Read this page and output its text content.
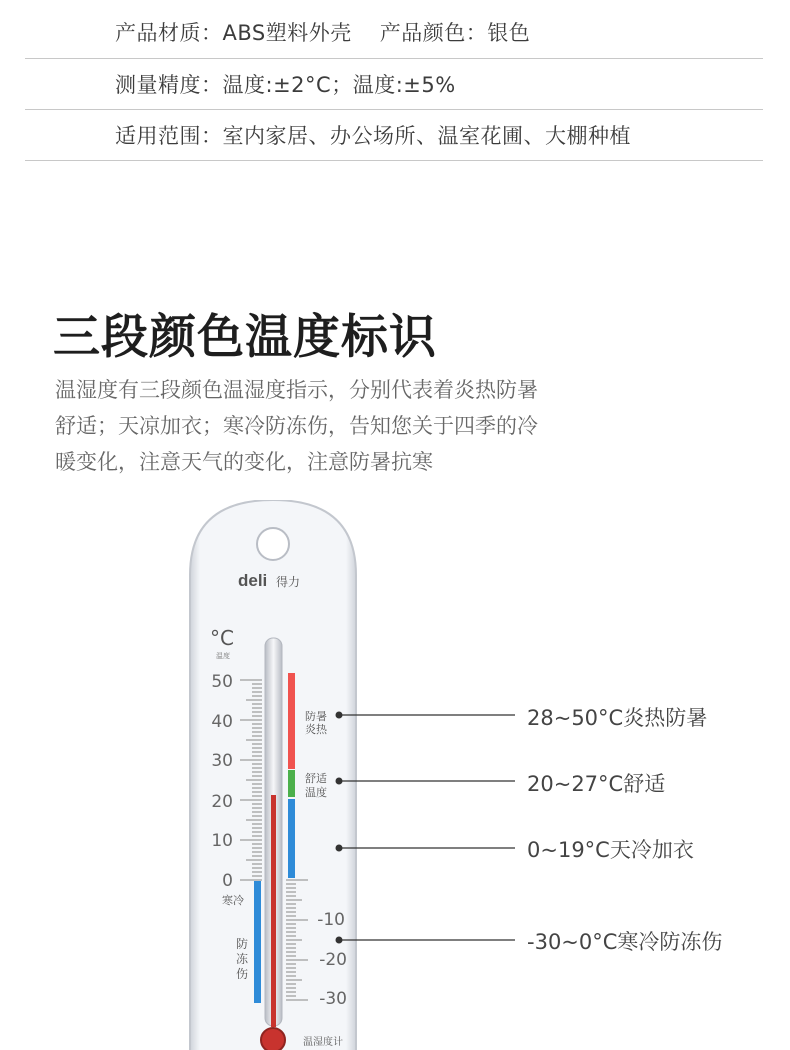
产品材质：ABS塑料外壳 产品颜色：银色
测量精度：温度:±2°C；温度:±5%
适用范围：室内家居、办公场所、温室花圃、大棚种植
三段颜色温度标识
温湿度有三段颜色温湿度指示，分别代表着炎热防暑
舒适；天凉加衣；寒冷防冻伤，告知您关于四季的冷
暖变化，注意天气的变化，注意防暑抗寒
deli 得力
°C
温度
50
40
30
20
10
0
-10
-20
-30
防暑
炎热
舒适
温度
寒冷
防
冻
伤
温湿度计
28~50°C炎热防暑
20~27°C舒适
0~19°C天冷加衣
-30~0°C寒冷防冻伤
